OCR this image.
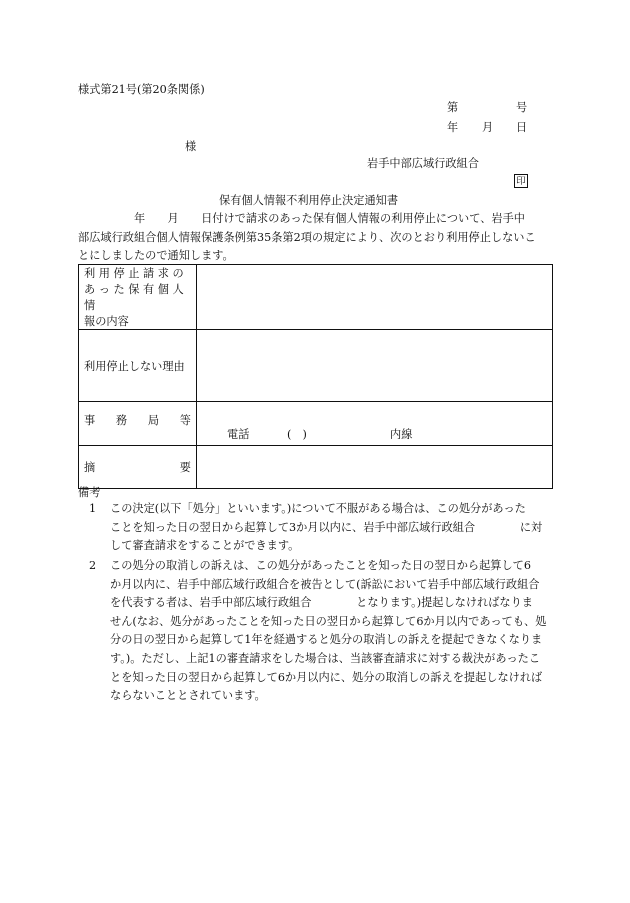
様式第21号(第20条関係)
第	号
年 月 日
様
岩手中部広域行政組合
印
保有個人情報不利用停止決定通知書
　　　　　年　　月　　日付けで請求のあった保有個人情報の利用停止について、岩手中
部広域行政組合個人情報保護条例第35条第2項の規定により、次のとおり利用停止しないこ
とにしましたので通知します。
利 用 停 止 請 求 の
あ っ た 保 有 個 人 情
報の内容	

利用停止しない理由	

事 務 局 等	電話 (　) 内線

摘 要	

備考
1 この決定(以下「処分」といいます。)について不服がある場合は、この処分があった
ことを知った日の翌日から起算して3か月以内に、岩手中部広域行政組合　　　　に対
して審査請求をすることができます。
2 この処分の取消しの訴えは、この処分があったことを知った日の翌日から起算して6
か月以内に、岩手中部広域行政組合を被告として(訴訟において岩手中部広域行政組合
を代表する者は、岩手中部広域行政組合　　　　となります。)提起しなければなりま
せん(なお、処分があったことを知った日の翌日から起算して6か月以内であっても、処
分の日の翌日から起算して1年を経過すると処分の取消しの訴えを提起できなくなりま
す。)。ただし、上記1の審査請求をした場合は、当該審査請求に対する裁決があったこ
とを知った日の翌日から起算して6か月以内に、処分の取消しの訴えを提起しなければ
ならないこととされています。
